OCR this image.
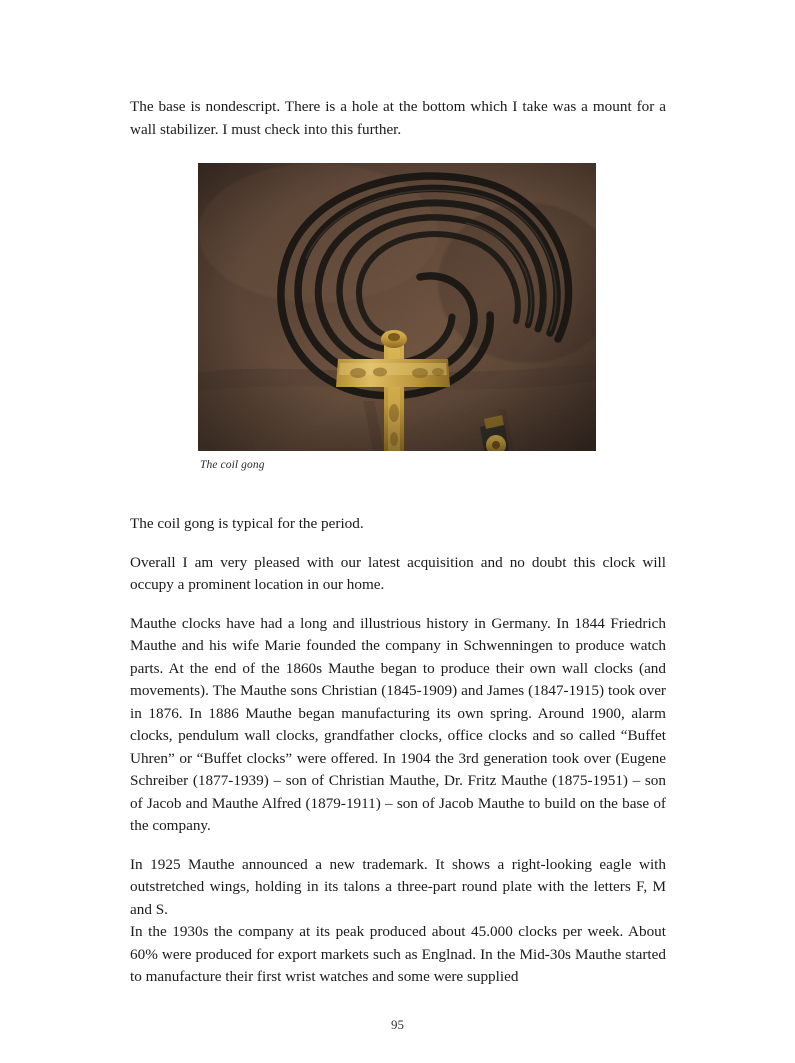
The base is nondescript. There is a hole at the bottom which I take was a mount for a wall stabilizer. I must check into this further.

The coil gong

The coil gong is typical for the period.

Overall I am very pleased with our latest acquisition and no doubt this clock will occupy a prominent location in our home.

Mauthe clocks have had a long and illustrious history in Germany. In 1844 Friedrich Mauthe and his wife Marie founded the company in Schwenningen to produce watch parts. At the end of the 1860s Mauthe began to produce their own wall clocks (and movements). The Mauthe sons Christian (1845-1909) and James (1847-1915) took over in 1876. In 1886 Mauthe began manufacturing its own spring. Around 1900, alarm clocks, pendulum wall clocks, grandfather clocks, office clocks and so called “Buffet Uhren” or “Buffet clocks” were offered. In 1904 the 3rd generation took over (Eugene Schreiber (1877-1939) – son of Christian Mauthe, Dr. Fritz Mauthe (1875-1951) – son of Jacob and Mauthe Alfred (1879-1911) – son of Jacob Mauthe to build on the base of the company.

In 1925 Mauthe announced a new trademark. It shows a right-looking eagle with outstretched wings, holding in its talons a three-part round plate with the letters F, M and S.

In the 1930s the company at its peak produced about 45.000 clocks per week. About 60% were produced for export markets such as Englnad. In the Mid-30s Mauthe started to manufacture their first wrist watches and some were supplied

95
